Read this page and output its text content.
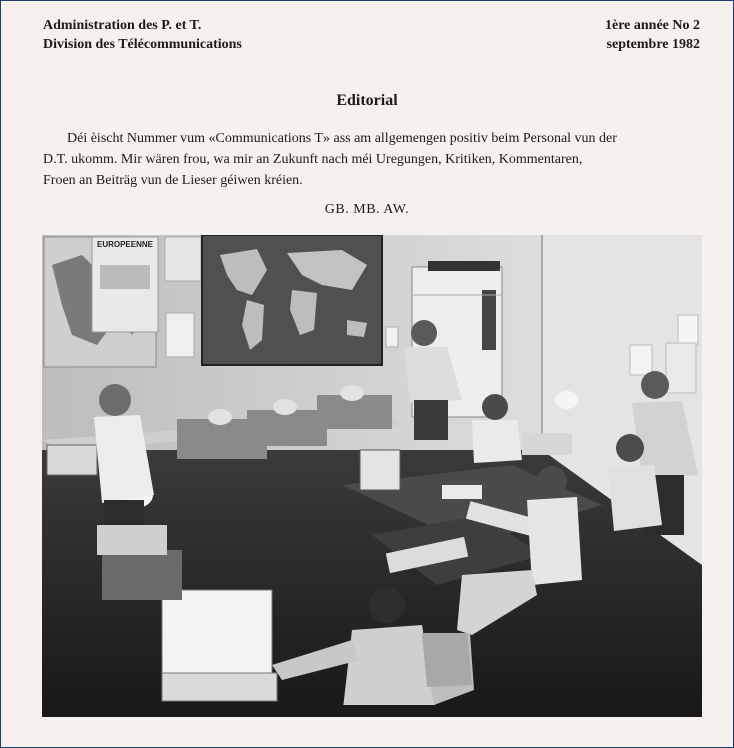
Administration des P. et T.
Division des Télécommunications
1ère année No 2
septembre 1982
Editorial
Déi èischt Nummer vum «Communications T» ass am allgemengen positiv beim Personal vun der
D.T. ukomm. Mir wären frou, wa mir an Zukunft nach méi Uregungen, Kritiken, Kommentaren,
Froen an Beiträg vun de Lieser géiwen kréien.
GB. MB. AW.
EUROPEENNE
